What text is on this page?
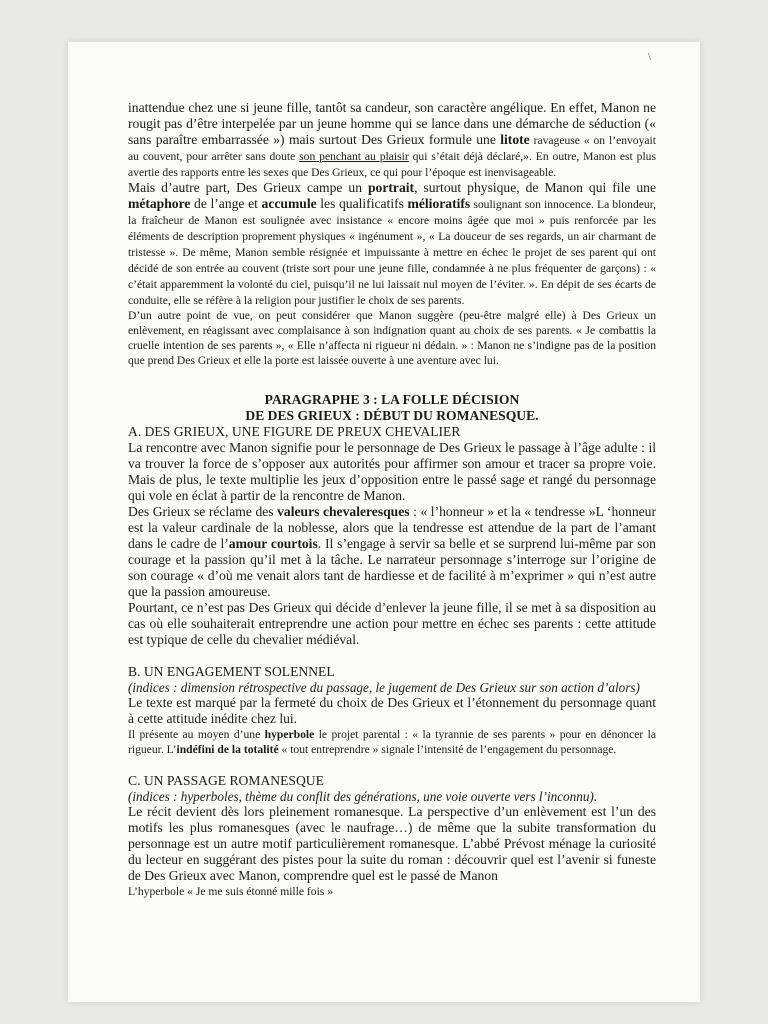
\

inattendue chez une si jeune fille, tantôt sa candeur, son caractère angélique. En effet, Manon ne rougit pas d’être interpelée par un jeune homme qui se lance dans une démarche de séduction (« sans paraître embarrassée ») mais surtout Des Grieux formule une litote ravageuse « on l’envoyait au couvent, pour arrêter sans doute son penchant au plaisir qui s’était déjà déclaré,». En outre, Manon est plus avertie des rapports entre les sexes que Des Grieux, ce qui pour l’époque est inenvisageable.

Mais d’autre part, Des Grieux campe un portrait, surtout physique, de Manon qui file une métaphore de l’ange et accumule les qualificatifs mélioratifs soulignant son innocence. La blondeur, la fraîcheur de Manon est soulignée avec insistance « encore moins âgée que moi » puis renforcée par les éléments de description proprement physiques « ingénument », « La douceur de ses regards, un air charmant de tristesse ». De même, Manon semble résignée et impuissante à mettre en échec le projet de ses parent qui ont décidé de son entrée au couvent (triste sort pour une jeune fille, condamnée à ne plus fréquenter de garçons) : « c’était apparemment la volonté du ciel, puisqu’il ne lui laissait nul moyen de l’éviter. ». En dépit de ses écarts de conduite, elle se réfère à la religion pour justifier le choix de ses parents.

D’un autre point de vue, on peut considérer que Manon suggère (peu-être malgré elle) à Des Grieux un enlèvement, en réagissant avec complaisance à son indignation quant au choix de ses parents. « Je combattis la cruelle intention de ses parents », « Elle n’affecta ni rigueur ni dédain. » : Manon ne s’indigne pas de la position que prend Des Grieux et elle la porte est laissée ouverte à une aventure avec lui.

PARAGRAPHE 3 : LA FOLLE DÉCISION
DE DES GRIEUX : DÉBUT DU ROMANESQUE.
A. DES GRIEUX, UNE FIGURE DE PREUX CHEVALIER

La rencontre avec Manon signifie pour le personnage de Des Grieux le passage à l’âge adulte : il va trouver la force de s’opposer aux autorités pour affirmer son amour et tracer sa propre voie. Mais de plus, le texte multiplie les jeux d’opposition entre le passé sage et rangé du personnage qui vole en éclat à partir de la rencontre de Manon.

Des Grieux se réclame des valeurs chevaleresques : « l’honneur » et la « tendresse »L ‘honneur est la valeur cardinale de la noblesse, alors que la tendresse est attendue de la part de l’amant dans le cadre de l’amour courtois. Il s’engage à servir sa belle et se surprend lui-même par son courage et la passion qu’il met à la tâche. Le narrateur personnage s’interroge sur l’origine de son courage « d’où me venait alors tant de hardiesse et de facilité à m’exprimer » qui n’est autre que la passion amoureuse.

Pourtant, ce n’est pas Des Grieux qui décide d’enlever la jeune fille, il se met à sa disposition au cas où elle souhaiterait entreprendre une action pour mettre en échec ses parents : cette attitude est typique de celle du chevalier médiéval.

B. UN ENGAGEMENT SOLENNEL
(indices : dimension rétrospective du passage, le jugement de Des Grieux sur son action d’alors)

Le texte est marqué par la fermeté du choix de Des Grieux et l’étonnement du personnage quant à cette attitude inédite chez lui.

Il présente au moyen d’une hyperbole le projet parental : « la tyrannie de ses parents » pour en dénoncer la rigueur. L’indéfini de la totalité « tout entreprendre » signale l’intensité de l’engagement du personnage.

C. UN PASSAGE ROMANESQUE
(indices : hyperboles, thème du conflit des générations, une voie ouverte vers l’inconnu).

Le récit devient dès lors pleinement romanesque. La perspective d’un enlèvement est l’un des motifs les plus romanesques (avec le naufrage…) de même que la subite transformation du personnage est un autre motif particulièrement romanesque. L’abbé Prévost ménage la curiosité du lecteur en suggérant des pistes pour la suite du roman : découvrir quel est l’avenir si funeste de Des Grieux avec Manon, comprendre quel est le passé de Manon

L’hyperbole « Je me suis étonné mille fois »
